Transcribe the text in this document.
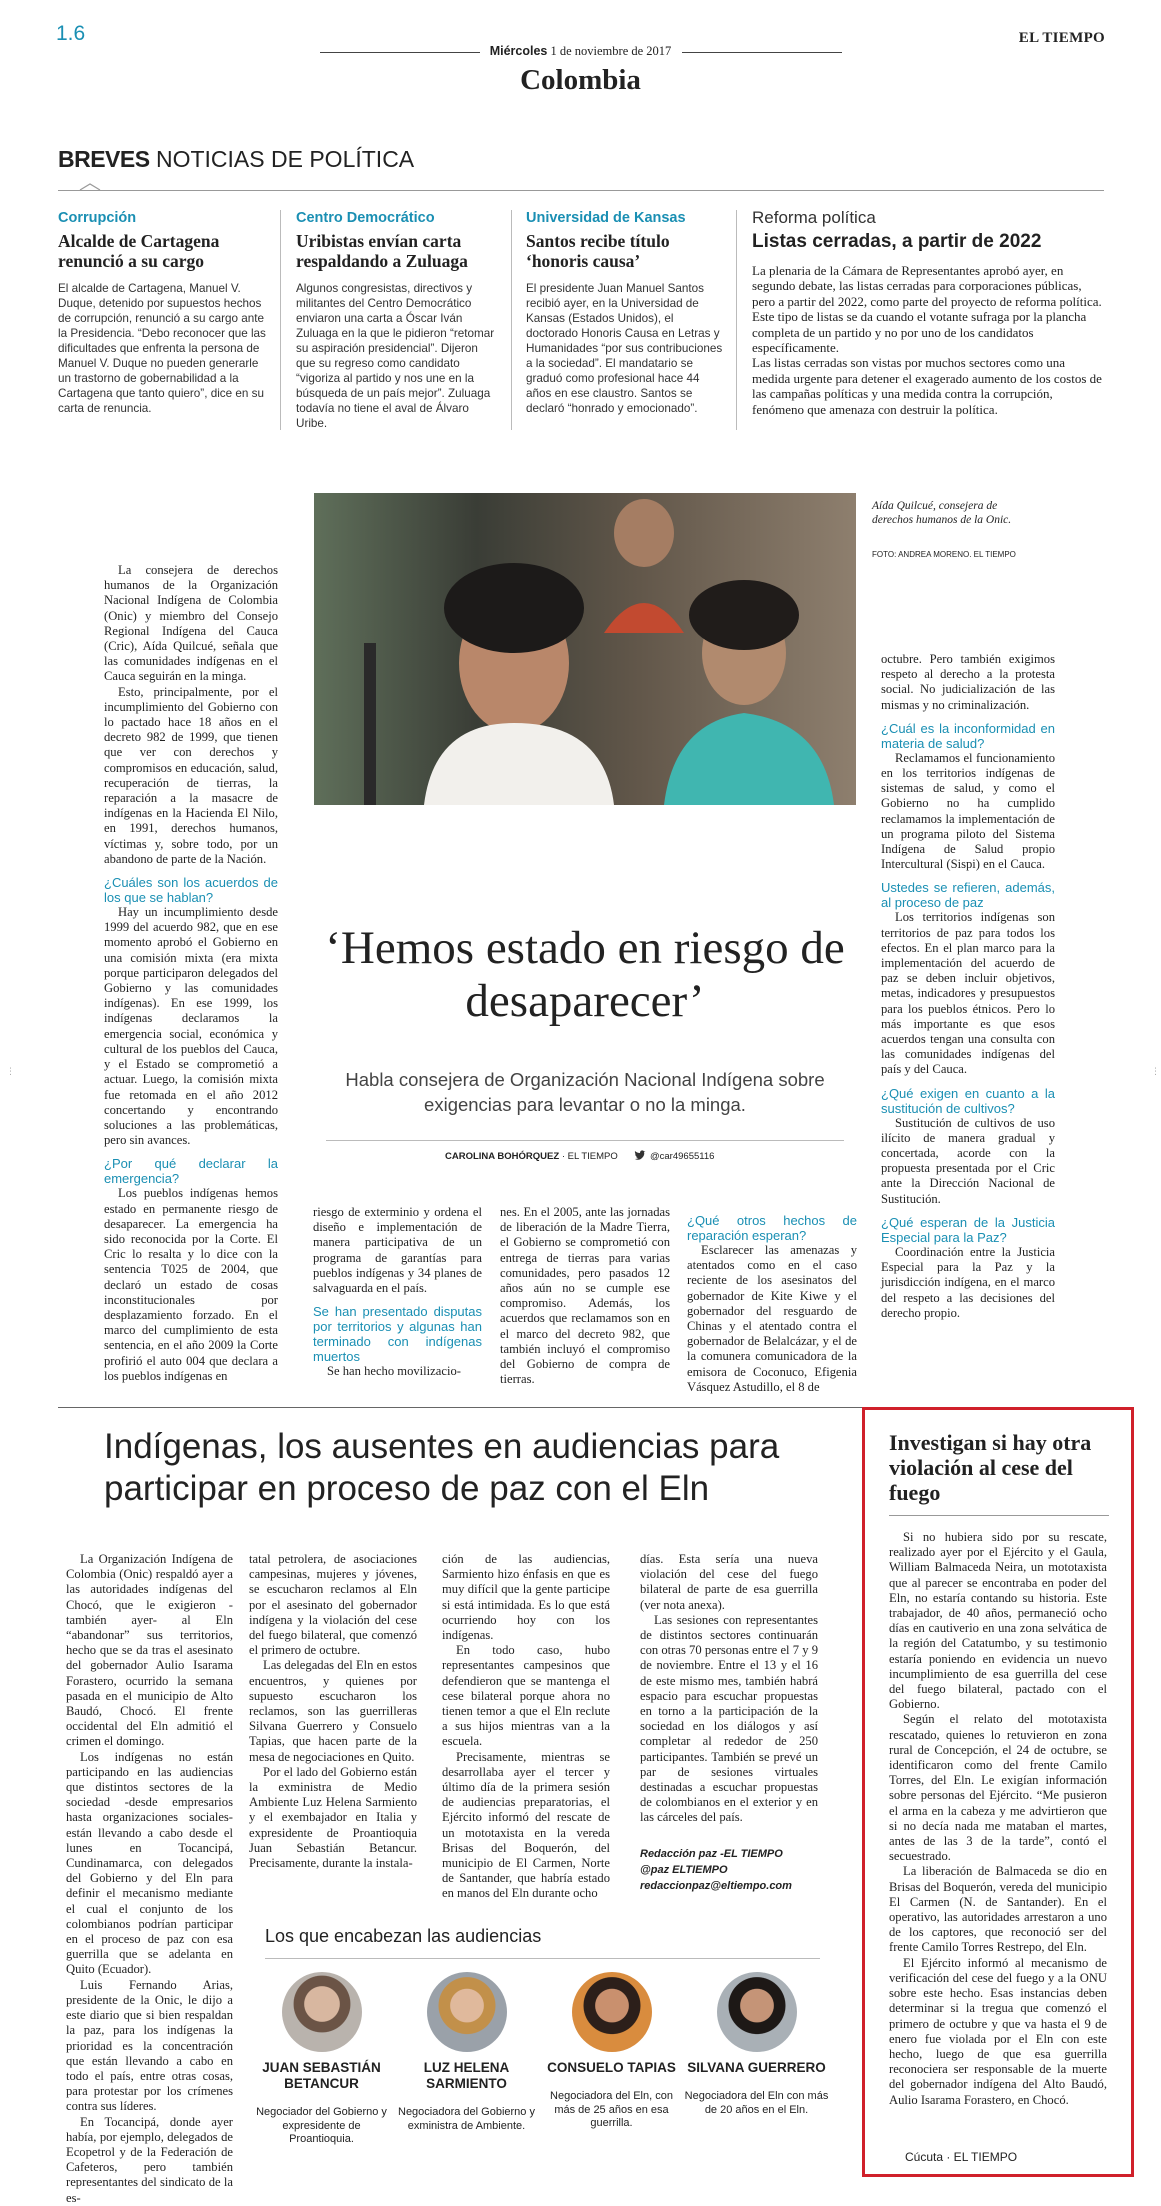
1.6
Miércoles 1 de noviembre de 2017
Colombia
EL TIEMPO
BREVES NOTICIAS DE POLÍTICA
Corrupción
Alcalde de Cartagena renunció a su cargo
El alcalde de Cartagena, Manuel V. Duque, detenido por supuestos hechos de corrupción, renunció a su cargo ante la Presidencia. “Debo reconocer que las dificultades que enfrenta la persona de Manuel V. Duque no pueden generarle un trastorno de gobernabilidad a la Cartagena que tanto quiero”, dice en su carta de renuncia.
Centro Democrático
Uribistas envían carta respaldando a Zuluaga
Algunos congresistas, directivos y militantes del Centro Democrático enviaron una carta a Óscar Iván Zuluaga en la que le pidieron “retomar su aspiración presidencial”. Dijeron que su regreso como candidato “vigoriza al partido y nos une en la búsqueda de un país mejor”. Zuluaga todavía no tiene el aval de Álvaro Uribe.
Universidad de Kansas
Santos recibe título ‘honoris causa’
El presidente Juan Manuel Santos recibió ayer, en la Universidad de Kansas (Estados Unidos), el doctorado Honoris Causa en Letras y Humanidades “por sus contribuciones a la sociedad”. El mandatario se graduó como profesional hace 44 años en ese claustro. Santos se declaró “honrado y emocionado”.
Reforma política
Listas cerradas, a partir de 2022
La plenaria de la Cámara de Representantes aprobó ayer, en segundo debate, las listas cerradas para corporaciones públicas, pero a partir del 2022, como parte del proyecto de reforma política. Este tipo de listas se da cuando el votante sufraga por la plancha completa de un partido y no por uno de los candidatos específicamente.
Las listas cerradas son vistas por muchos sectores como una medida urgente para detener el exagerado aumento de los costos de las campañas políticas y una medida contra la corrupción, fenómeno que amenaza con destruir la política.
Aída Quilcué, consejera de derechos humanos de la Onic.
FOTO: ANDREA MORENO. EL TIEMPO
‘Hemos estado en riesgo de desaparecer’
Habla consejera de Organización Nacional Indígena sobre exigencias para levantar o no la minga.
CAROLINA BOHÓRQUEZ · EL TIEMPO	@car49655116

La consejera de derechos humanos de la Organización Nacional Indígena de Colombia (Onic) y miembro del Consejo Regional Indígena del Cauca (Cric), Aída Quilcué, señala que las comunidades indígenas en el Cauca seguirán en la minga.

Esto, principalmente, por el incumplimiento del Gobierno con lo pactado hace 18 años en el decreto 982 de 1999, que tienen que ver con derechos y compromisos en educación, salud, recuperación de tierras, la reparación a la masacre de indígenas en la Hacienda El Nilo, en 1991, derechos humanos, víctimas y, sobre todo, por un abandono de parte de la Nación.

¿Cuáles son los acuerdos de los que se hablan?

Hay un incumplimiento desde 1999 del acuerdo 982, que en ese momento aprobó el Gobierno en una comisión mixta (era mixta porque participaron delegados del Gobierno y las comunidades indígenas). En ese 1999, los indígenas declaramos la emergencia social, económica y cultural de los pueblos del Cauca, y el Estado se comprometió a actuar. Luego, la comisión mixta fue retomada en el año 2012 concertando y encontrando soluciones a las problemáticas, pero sin avances.

¿Por qué declarar la emergencia?

Los pueblos indígenas hemos estado en permanente riesgo de desaparecer. La emergencia ha sido reconocida por la Corte. El Cric lo resalta y lo dice con la sentencia T025 de 2004, que declaró un estado de cosas inconstitucionales por desplazamiento forzado. En el marco del cumplimiento de esta sentencia, en el año 2009 la Corte profirió el auto 004 que declara a los pueblos indígenas en

riesgo de exterminio y ordena el diseño e implementación de manera participativa de un programa de garantías para pueblos indígenas y 34 planes de salvaguarda en el país.

Se han presentado disputas por territorios y algunas han terminado con indígenas muertos

Se han hecho movilizacio-

nes. En el 2005, ante las jornadas de liberación de la Madre Tierra, el Gobierno se comprometió con entrega de tierras para varias comunidades, pero pasados 12 años aún no se cumple ese compromiso. Además, los acuerdos que reclamamos son en el marco del decreto 982, que también incluyó el compromiso del Gobierno de compra de tierras.

¿Qué otros hechos de reparación esperan?

Esclarecer las amenazas y atentados como en el caso reciente de los asesinatos del gobernador de Kite Kiwe y el gobernador del resguardo de Chinas y el atentado contra el gobernador de Belalcázar, y el de la comunera comunicadora de la emisora de Coconuco, Efigenia Vásquez Astudillo, el 8 de

octubre. Pero también exigimos respeto al derecho a la protesta social. No judicialización de las mismas y no criminalización.

¿Cuál es la inconformidad en materia de salud?

Reclamamos el funcionamiento en los territorios indígenas de sistemas de salud, y como el Gobierno no ha cumplido reclamamos la implementación de un programa piloto del Sistema Indígena de Salud propio Intercultural (Sispi) en el Cauca.

Ustedes se refieren, además, al proceso de paz

Los territorios indígenas son territorios de paz para todos los efectos. En el plan marco para la implementación del acuerdo de paz se deben incluir objetivos, metas, indicadores y presupuestos para los pueblos étnicos. Pero lo más importante es que esos acuerdos tengan una consulta con las comunidades indígenas del país y del Cauca.

¿Qué exigen en cuanto a la sustitución de cultivos?

Sustitución de cultivos de uso ilícito de manera gradual y concertada, acorde con la propuesta presentada por el Cric ante la Dirección Nacional de Sustitución.

¿Qué esperan de la Justicia Especial para la Paz?

Coordinación entre la Justicia Especial para la Paz y la jurisdicción indígena, en el marco del respeto a las decisiones del derecho propio.

⋮	⋮
Indígenas, los ausentes en audiencias para participar en proceso de paz con el Eln

La Organización Indígena de Colombia (Onic) respaldó ayer a las autoridades indígenas del Chocó, que le exigieron -también ayer- al Eln “abandonar” sus territorios, hecho que se da tras el asesinato del gobernador Aulio Isarama Forastero, ocurrido la semana pasada en el municipio de Alto Baudó, Chocó. El frente occidental del Eln admitió el crimen el domingo.

Los indígenas no están participando en las audiencias que distintos sectores de la sociedad -desde empresarios hasta organizaciones sociales- están llevando a cabo desde el lunes en Tocancipá, Cundinamarca, con delegados del Gobierno y del Eln para definir el mecanismo mediante el cual el conjunto de los colombianos podrían participar en el proceso de paz con esa guerrilla que se adelanta en Quito (Ecuador).

Luis Fernando Arias, presidente de la Onic, le dijo a este diario que si bien respaldan la paz, para los indígenas la prioridad es la concentración que están llevando a cabo en todo el país, entre otras cosas, para protestar por los crímenes contra sus líderes.

En Tocancipá, donde ayer había, por ejemplo, delegados de Ecopetrol y de la Federación de Cafeteros, pero también representantes del sindicato de la es-

tatal petrolera, de asociaciones campesinas, mujeres y jóvenes, se escucharon reclamos al Eln por el asesinato del gobernador indígena y la violación del cese del fuego bilateral, que comenzó el primero de octubre.

Las delegadas del Eln en estos encuentros, y quienes por supuesto escucharon los reclamos, son las guerrilleras Silvana Guerrero y Consuelo Tapias, que hacen parte de la mesa de negociaciones en Quito.

Por el lado del Gobierno están la exministra de Medio Ambiente Luz Helena Sarmiento y el exembajador en Italia y expresidente de Proantioquia Juan Sebastián Betancur. Precisamente, durante la instala-

ción de las audiencias, Sarmiento hizo énfasis en que es muy difícil que la gente participe si está intimidada. Es lo que está ocurriendo hoy con los indígenas.

En todo caso, hubo representantes campesinos que defendieron que se mantenga el cese bilateral porque ahora no tienen temor a que el Eln reclute a sus hijos mientras van a la escuela.

Precisamente, mientras se desarrollaba ayer el tercer y último día de la primera sesión de audiencias preparatorias, el Ejército informó del rescate de un mototaxista en la vereda Brisas del Boquerón, del municipio de El Carmen, Norte de Santander, que habría estado en manos del Eln durante ocho

días. Esta sería una nueva violación del cese del fuego bilateral de parte de esa guerrilla (ver nota anexa).

Las sesiones con representantes de distintos sectores continuarán con otras 70 personas entre el 7 y 9 de noviembre. Entre el 13 y el 16 de este mismo mes, también habrá espacio para escuchar propuestas en torno a la participación de la sociedad en los diálogos y así completar al rededor de 250 participantes. También se prevé un par de sesiones virtuales destinadas a escuchar propuestas de colombianos en el exterior y en las cárceles del país.

Redacción paz -EL TIEMPO
@paz ELTIEMPO
redaccionpaz@eltiempo.com
Los que encabezan las audiencias
JUAN SEBASTIÁN BETANCUR
Negociador del Gobierno y expresidente de Proantioquia.
LUZ HELENA SARMIENTO
Negociadora del Gobierno y exministra de Ambiente.
CONSUELO TAPIAS
Negociadora del Eln, con más de 25 años en esa guerrilla.
SILVANA GUERRERO
Negociadora del Eln con más de 20 años en el Eln.
Investigan si hay otra violación al cese del fuego

Si no hubiera sido por su rescate, realizado ayer por el Ejército y el Gaula, William Balmaceda Neira, un mototaxista que al parecer se encontraba en poder del Eln, no estaría contando su historia. Este trabajador, de 40 años, permaneció ocho días en cautiverio en una zona selvática de la región del Catatumbo, y su testimonio estaría poniendo en evidencia un nuevo incumplimiento de esa guerrilla del cese del fuego bilateral, pactado con el Gobierno.

Según el relato del mototaxista rescatado, quienes lo retuvieron en zona rural de Concepción, el 24 de octubre, se identificaron como del frente Camilo Torres, del Eln. Le exigían información sobre personas del Ejército. “Me pusieron el arma en la cabeza y me advirtieron que si no decía nada me mataban el martes, antes de las 3 de la tarde”, contó el secuestrado.

La liberación de Balmaceda se dio en Brisas del Boquerón, vereda del municipio El Carmen (N. de Santander). En el operativo, las autoridades arrestaron a uno de los captores, que reconoció ser del frente Camilo Torres Restrepo, del Eln.

El Ejército informó al mecanismo de verificación del cese del fuego y a la ONU sobre este hecho. Esas instancias deben determinar si la tregua que comenzó el primero de octubre y que va hasta el 9 de enero fue violada por el Eln con este hecho, luego de que esa guerrilla reconociera ser responsable de la muerte del gobernador indígena del Alto Baudó, Aulio Isarama Forastero, en Chocó.

Cúcuta · EL TIEMPO
